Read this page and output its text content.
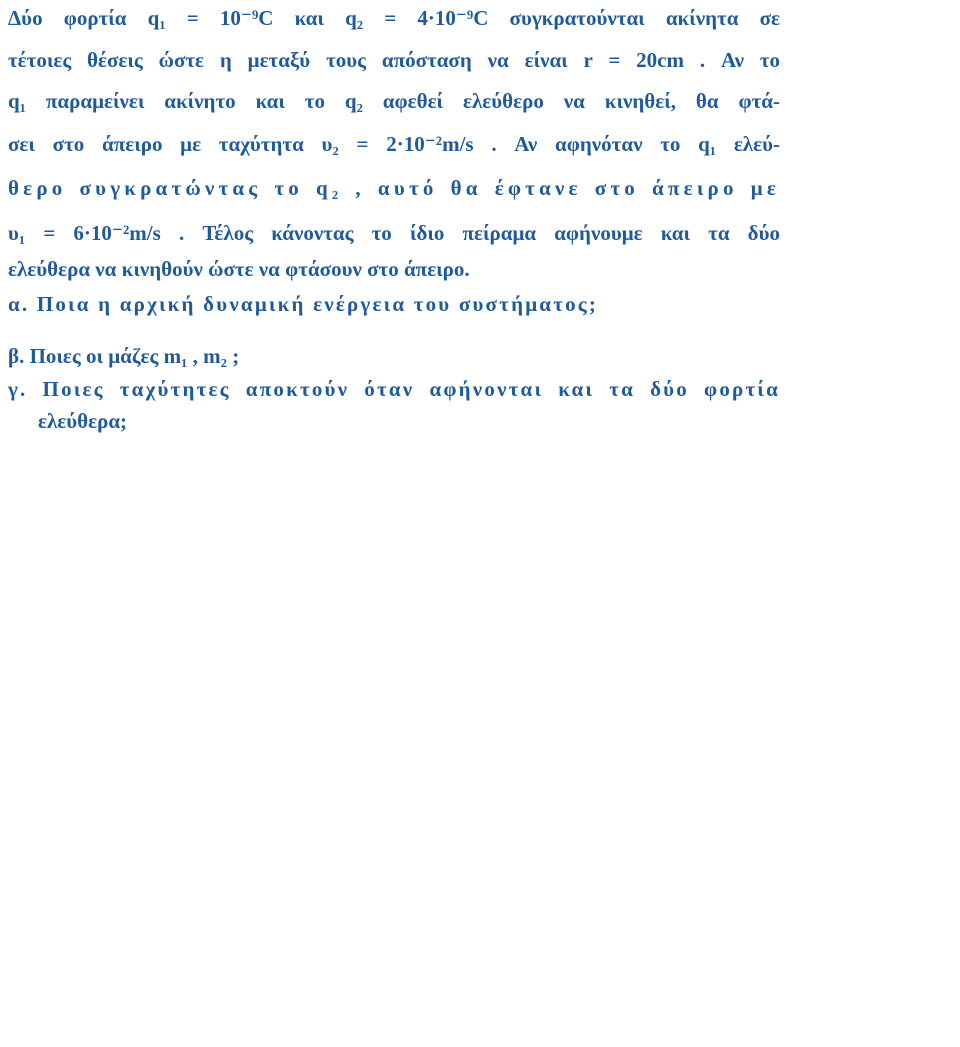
Δύο φορτία q₁ = 10⁻⁹C και q₂ = 4·10⁻⁹C συγκρατούνται ακίνητα σε
τέτοιες θέσεις ώστε η μεταξύ τους απόσταση να είναι r = 20cm . Αν το
q₁ παραμείνει ακίνητο και το q₂ αφεθεί ελεύθερο να κινηθεί, θα φτά-
σει στο άπειρο με ταχύτητα υ₂ = 2·10⁻²m/s . Αν αφηνόταν το q₁ ελεύ-
θερο συγκρατώντας το q₂ , αυτό θα έφτανε στο άπειρο με
υ₁ = 6·10⁻²m/s . Τέλος κάνοντας το ίδιο πείραμα αφήνουμε και τα δύο
ελεύθερα να κινηθούν ώστε να φτάσουν στο άπειρο.
α. Ποια η αρχική δυναμική ενέργεια του συστήματος;
β. Ποιες οι μάζες m₁ , m₂ ;
γ. Ποιες ταχύτητες αποκτούν όταν αφήνονται και τα δύο φορτία
ελεύθερα;
